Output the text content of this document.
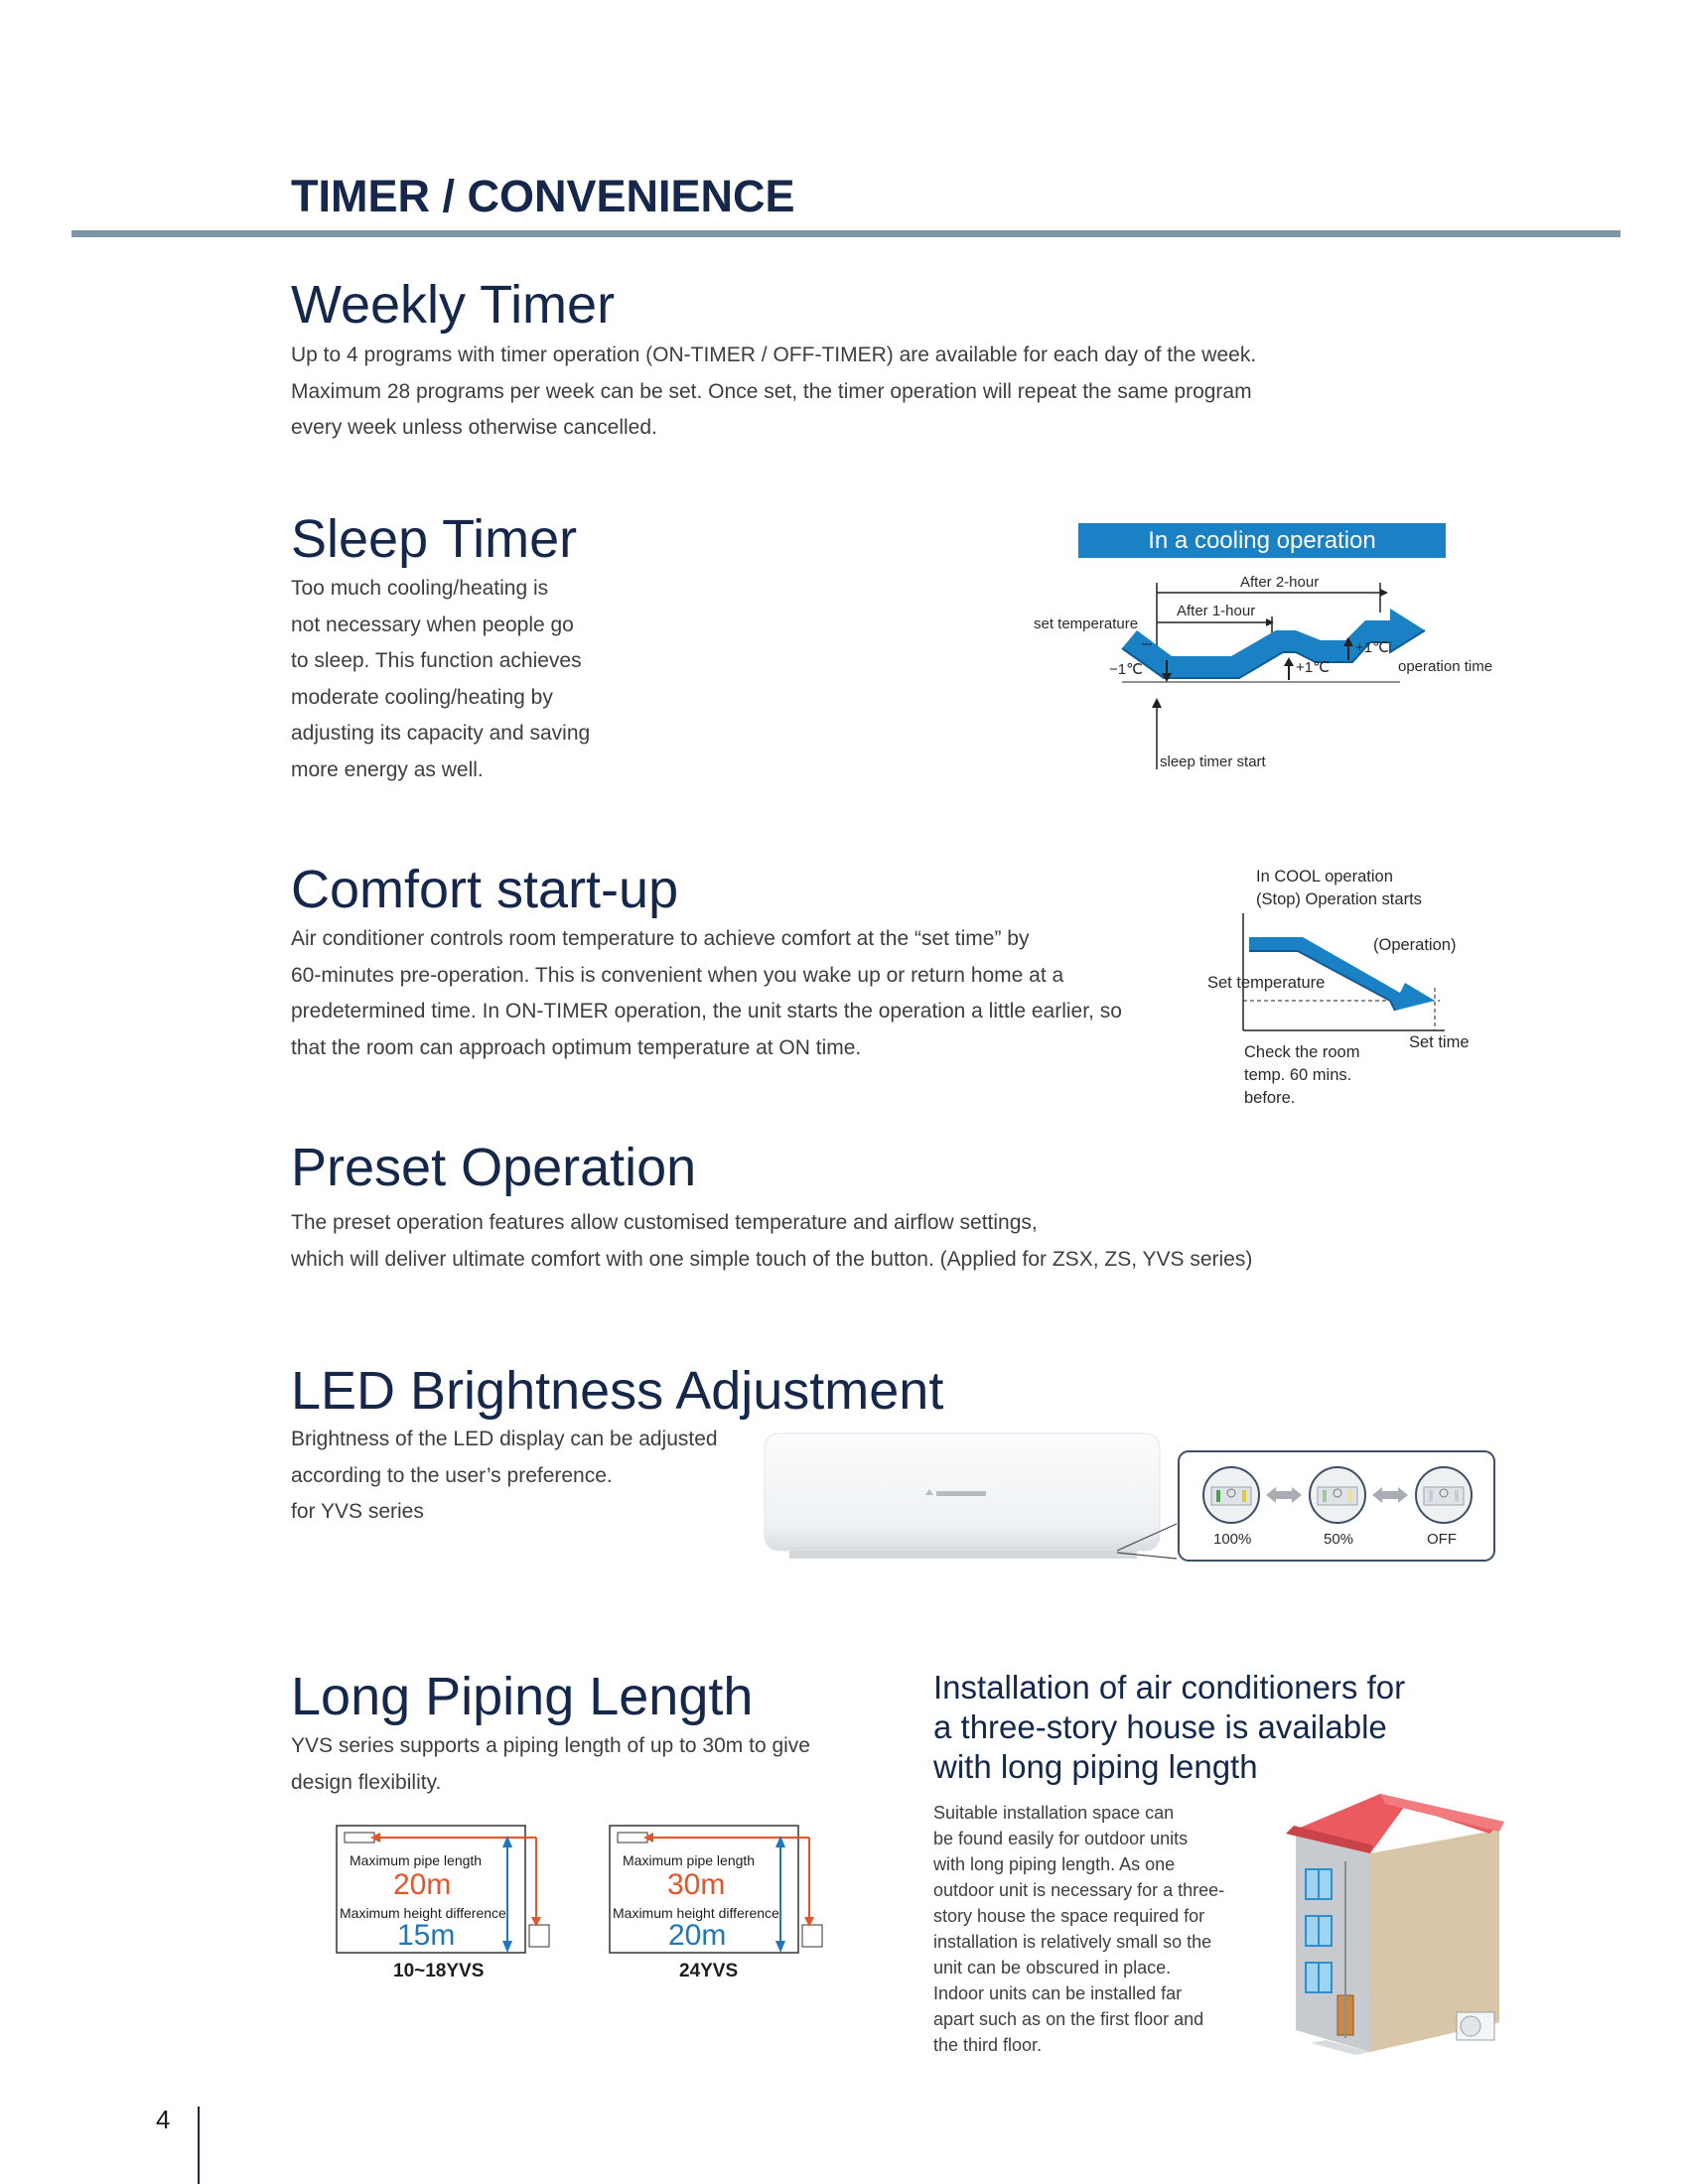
TIMER / CONVENIENCE
Weekly Timer
Up to 4 programs with timer operation (ON-TIMER / OFF-TIMER) are available for each day of the week.
Maximum 28 programs per week can be set. Once set, the timer operation will repeat the same program
every week unless otherwise cancelled.
Sleep Timer
Too much cooling/heating is
not necessary when people go
to sleep. This function achieves
moderate cooling/heating by
adjusting its capacity and saving
more energy as well.
In a cooling operation
After 2-hour
After 1-hour
set temperature
−1℃	+1℃
+1℃
operation time
sleep timer start
Comfort start-up
Air conditioner controls room temperature to achieve comfort at the “set time” by
60-minutes pre-operation. This is convenient when you wake up or return home at a
predetermined time. In ON-TIMER operation, the unit starts the operation a little earlier, so
that the room can approach optimum temperature at ON time.
In COOL operation
(Stop) Operation starts
(Operation)
Set temperature
Set time
Check the room
temp. 60 mins.
before.
Preset Operation
The preset operation features allow customised temperature and airflow settings,
which will deliver ultimate comfort with one simple touch of the button. (Applied for ZSX, ZS, YVS series)
LED Brightness Adjustment
Brightness of the LED display can be adjusted
according to the user’s preference.
for YVS series
100%	50%	OFF
Long Piping Length
YVS series supports a piping length of up to 30m to give
design flexibility.
Maximum pipe length
20m
Maximum height difference
15m
10~18YVS
Maximum pipe length
30m
Maximum height difference
20m
24YVS
Installation of air conditioners for
a three-story house is available
with long piping length
Suitable installation space can
be found easily for outdoor units
with long piping length. As one
outdoor unit is necessary for a three-
story house the space required for
installation is relatively small so the
unit can be obscured in place.
Indoor units can be installed far
apart such as on the first floor and
the third floor.
4
